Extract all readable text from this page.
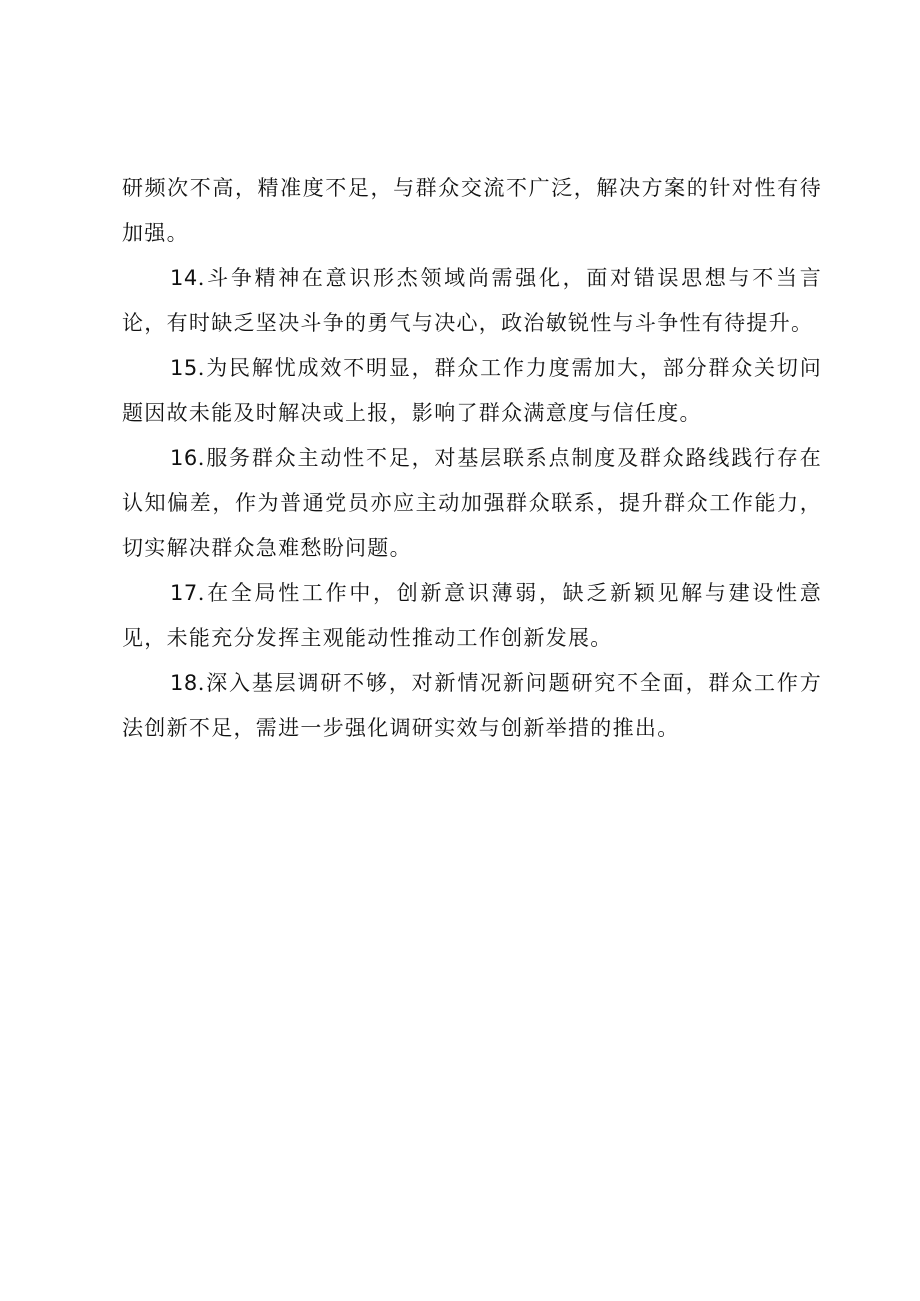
研频次不高，精准度不足，与群众交流不广泛，解决方案的针对性有待加强。

14.斗争精神在意识形杰领域尚需强化，面对错误思想与不当言论，有时缺乏坚决斗争的勇气与决心，政治敏锐性与斗争性有待提升。

15.为民解忧成效不明显，群众工作力度需加大，部分群众关切问题因故未能及时解决或上报，影响了群众满意度与信任度。

16.服务群众主动性不足，对基层联系点制度及群众路线践行存在认知偏差，作为普通党员亦应主动加强群众联系，提升群众工作能力，切实解决群众急难愁盼问题。

17.在全局性工作中，创新意识薄弱，缺乏新颖见解与建设性意见，未能充分发挥主观能动性推动工作创新发展。

18.深入基层调研不够，对新情况新问题研究不全面，群众工作方法创新不足，需进一步强化调研实效与创新举措的推出。
